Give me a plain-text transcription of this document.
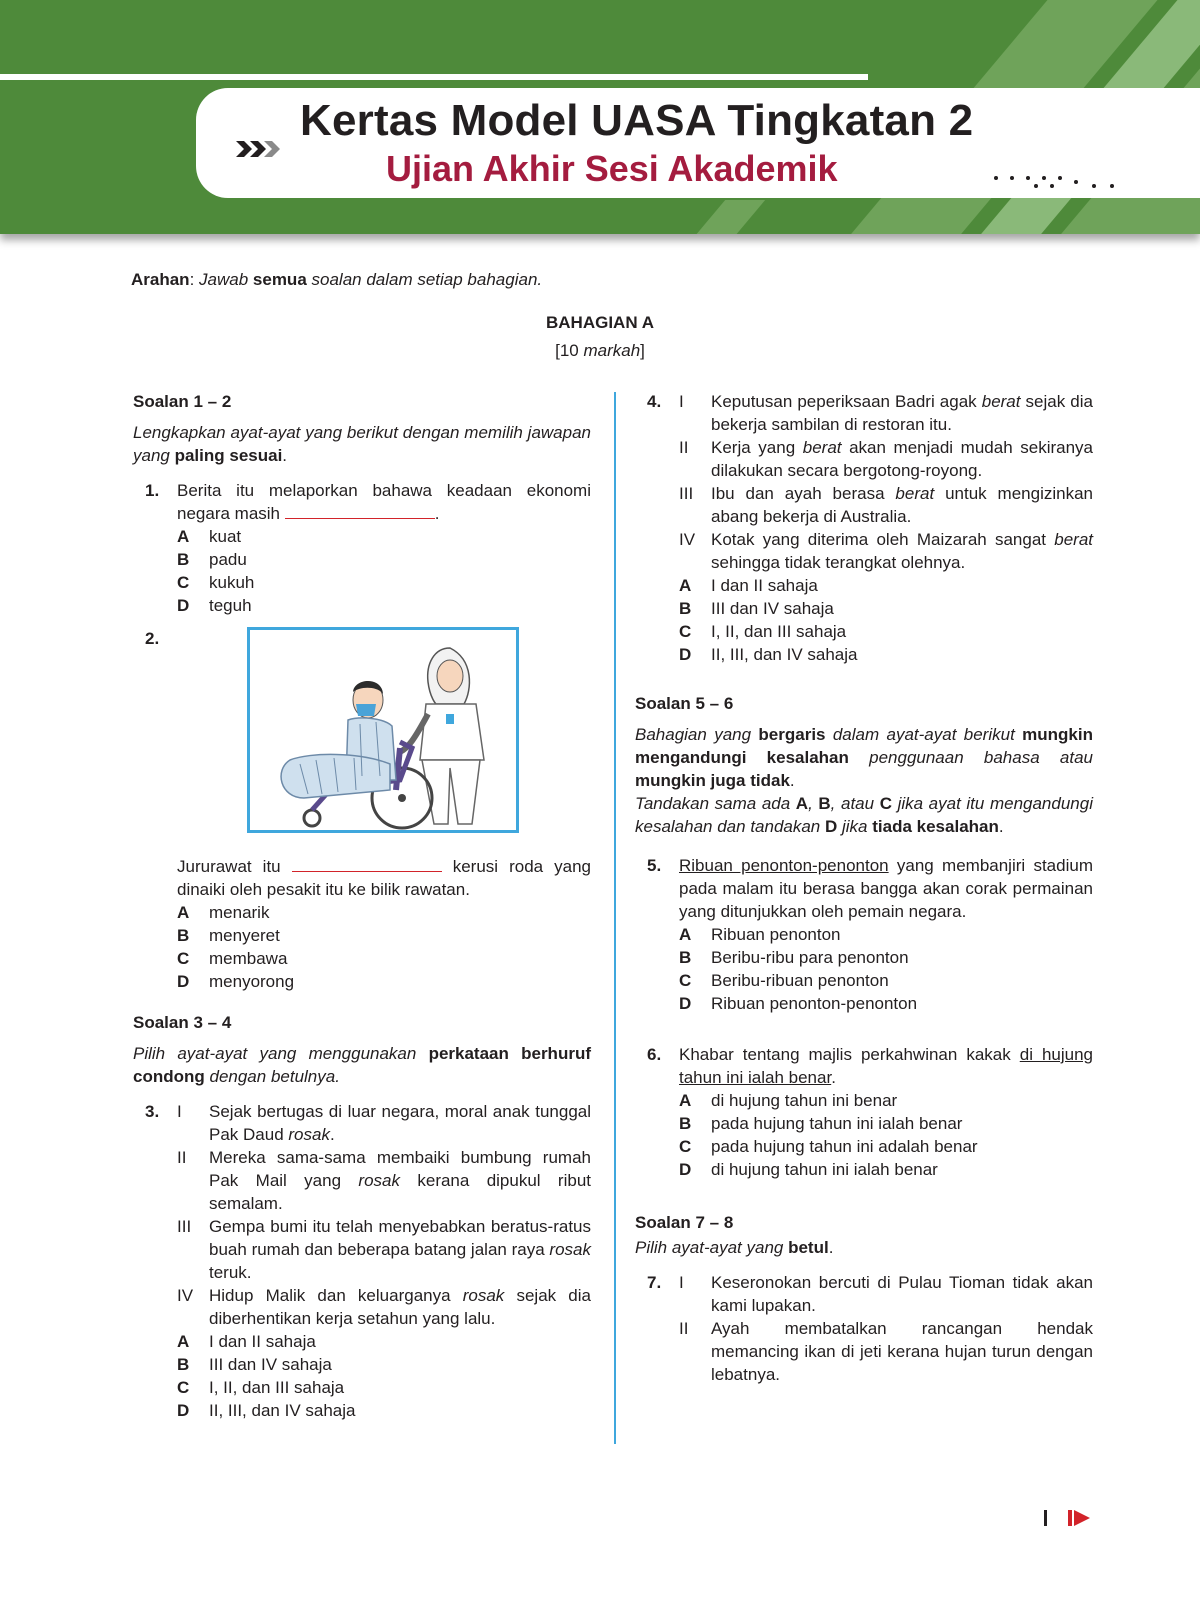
Kertas Model UASA Tingkatan 2
Ujian Akhir Sesi Akademik
Arahan: Jawab semua soalan dalam setiap bahagian.
BAHAGIAN A
[10 markah]

Soalan 1 – 2

Lengkapkan ayat-ayat yang berikut dengan memilih jawapan yang paling sesuai.

1. Berita itu melaporkan bahawa keadaan ekonomi negara masih	.
A	kuat
B	padu
C	kukuh
D	teguh
2.
Jururawat itu	kerusi roda yang dinaiki oleh pesakit itu ke bilik rawatan.
A	menarik
B	menyeret
C	membawa
D	menyorong

Soalan 3 – 4

Pilih ayat-ayat yang menggunakan perkataan berhuruf condong dengan betulnya.

3. I	Sejak bertugas di luar negara, moral anak tunggal Pak Daud rosak.
II	Mereka sama-sama membaiki bumbung rumah Pak Mail yang rosak kerana dipukul ribut semalam.
III	Gempa bumi itu telah menyebabkan beratus-ratus buah rumah dan beberapa batang jalan raya rosak teruk.
IV Hidup Malik dan keluarganya rosak sejak dia diberhentikan kerja setahun yang lalu.
A	I dan II sahaja
B	III dan IV sahaja
C	I, II, dan III sahaja
D	II, III, dan IV sahaja
4. I	Keputusan peperiksaan Badri agak berat sejak dia bekerja sambilan di restoran itu.
II	Kerja yang berat akan menjadi mudah sekiranya dilakukan secara bergotong-royong.
III	Ibu dan ayah berasa berat untuk mengizinkan abang bekerja di Australia.
IV Kotak yang diterima oleh Maizarah sangat berat sehingga tidak terangkat olehnya.
A	I dan II sahaja
B	III dan IV sahaja
C	I, II, dan III sahaja
D	II, III, dan IV sahaja

Soalan 5 – 6

Bahagian yang bergaris dalam ayat-ayat berikut mungkin mengandungi kesalahan penggunaan bahasa atau mungkin juga tidak.

Tandakan sama ada A, B, atau C jika ayat itu mengandungi kesalahan dan tandakan D jika tiada kesalahan.

5. Ribuan penonton-penonton yang membanjiri stadium pada malam itu berasa bangga akan corak permainan yang ditunjukkan oleh pemain negara.
A	Ribuan penonton
B	Beribu-ribu para penonton
C	Beribu-ribuan penonton
D	Ribuan penonton-penonton
6. Khabar tentang majlis perkahwinan kakak di hujung tahun ini ialah benar.
A	di hujung tahun ini benar
B	pada hujung tahun ini ialah benar
C	pada hujung tahun ini adalah benar
D	di hujung tahun ini ialah benar

Soalan 7 – 8

Pilih ayat-ayat yang betul.

7. I	Keseronokan bercuti di Pulau Tioman tidak akan kami lupakan.
II	Ayah membatalkan rancangan hendak memancing ikan di jeti kerana hujan turun dengan lebatnya.
